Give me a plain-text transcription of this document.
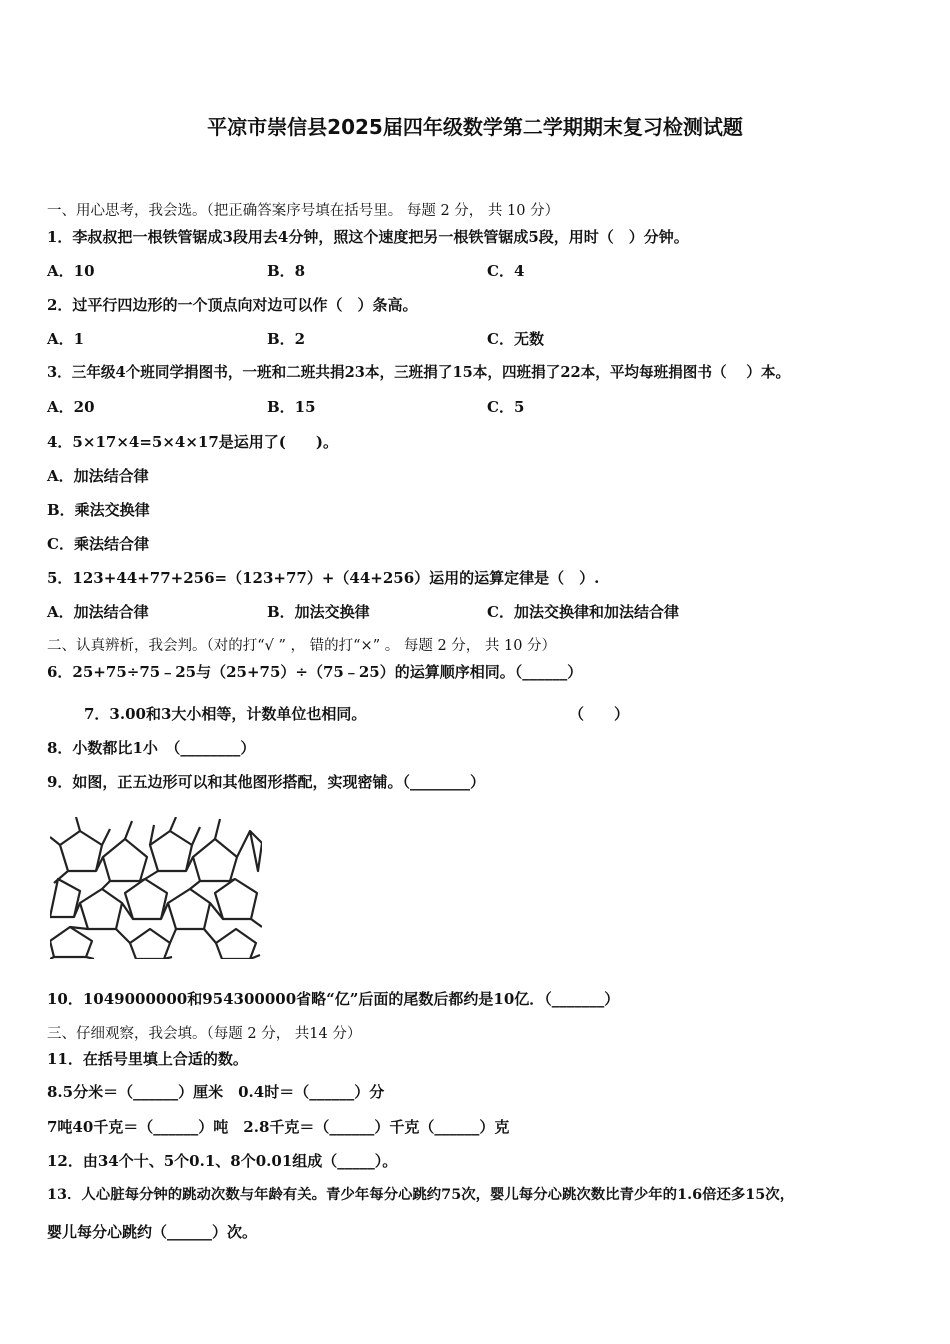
平凉市崇信县2025届四年级数学第二学期期末复习检测试题
一、用心思考，我会选。（把正确答案序号填在括号里。 每题 2 分， 共 10 分）
1．李叔叔把一根铁管锯成3段用去4分钟，照这个速度把另一根铁管锯成5段，用时（　）分钟。
A．10	B．8	C．4
2．过平行四边形的一个顶点向对边可以作（　）条高。
A．1	B．2	C．无数
3．三年级4个班同学捐图书，一班和二班共捐23本，三班捐了15本，四班捐了22本，平均每班捐图书（　 ）本。
A．20	B．15	C．5
4．5×17×4=5×4×17是运用了(　　)。
A．加法结合律
B．乘法交换律
C．乘法结合律
5．123+44+77+256=（123+77）+（44+256）运用的运算定律是（　）.
A．加法结合律	B．加法交换律	C．加法交换律和加法结合律
二、认真辨析，我会判。（对的打“√ ” ， 错的打“×” 。 每题 2 分， 共 10 分）
6．25+75÷75﹣25与（25+75）÷（75﹣25）的运算顺序相同。（______）
7．3.00和3大小相等，计数单位也相同。	（　　）
8．小数都比1小　（________）
9．如图，正五边形可以和其他图形搭配，实现密铺。（________）
10．1049000000和954300000省略“亿”后面的尾数后都约是10亿．（_______）
三、仔细观察，我会填。（每题 2 分， 共14 分）
11．在括号里填上合适的数。
8.5分米＝（______）厘米　0.4时＝（______）分
7吨40千克＝（______）吨　2.8千克＝（______）千克（______）克
12．由34个十、5个0.1、8个0.01组成（_____）。
13．人心脏每分钟的跳动次数与年龄有关。青少年每分心跳约75次，婴儿每分心跳次数比青少年的1.6倍还多15次，
婴儿每分心跳约（______）次。
